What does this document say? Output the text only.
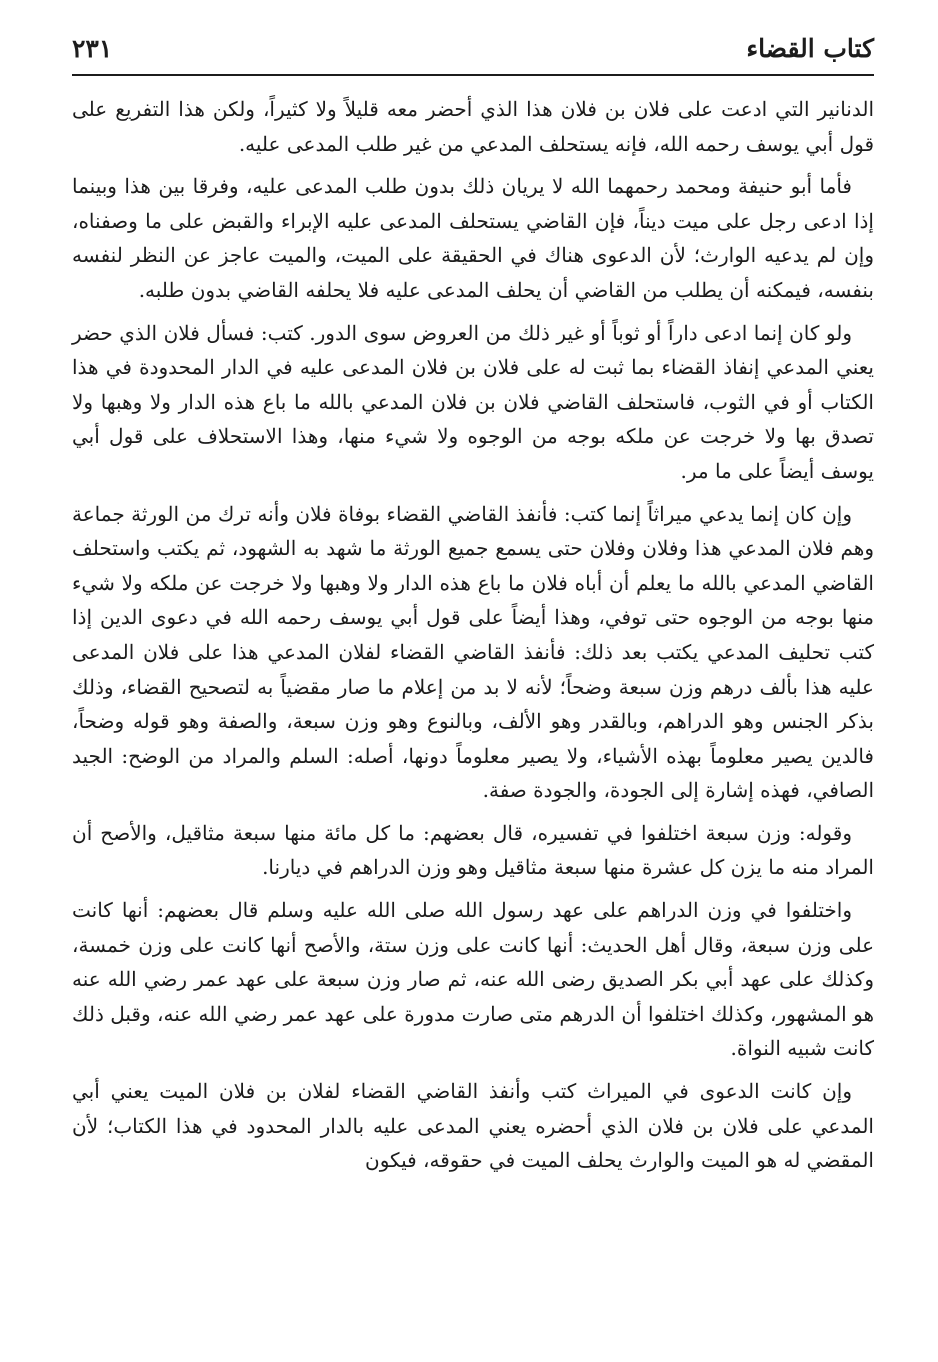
كتاب القضاء
٢٣١

الدنانير التي ادعت على فلان بن فلان هذا الذي أحضر معه قليلاً ولا كثيراً، ولكن هذا التفريع على قول أبي يوسف رحمه الله، فإنه يستحلف المدعي من غير طلب المدعى عليه.

فأما أبو حنيفة ومحمد رحمهما الله لا يريان ذلك بدون طلب المدعى عليه، وفرقا بين هذا وبينما إذا ادعى رجل على ميت ديناً، فإن القاضي يستحلف المدعى عليه الإبراء والقبض على ما وصفناه، وإن لم يدعيه الوارث؛ لأن الدعوى هناك في الحقيقة على الميت، والميت عاجز عن النظر لنفسه بنفسه، فيمكنه أن يطلب من القاضي أن يحلف المدعى عليه فلا يحلفه القاضي بدون طلبه.

ولو كان إنما ادعى داراً أو ثوباً أو غير ذلك من العروض سوى الدور. كتب: فسأل فلان الذي حضر يعني المدعي إنفاذ القضاء بما ثبت له على فلان بن فلان المدعى عليه في الدار المحدودة في هذا الكتاب أو في الثوب، فاستحلف القاضي فلان بن فلان المدعي بالله ما باع هذه الدار ولا وهبها ولا تصدق بها ولا خرجت عن ملكه بوجه من الوجوه ولا شيء منها، وهذا الاستحلاف على قول أبي يوسف أيضاً على ما مر.

وإن كان إنما يدعي ميراثاً إنما كتب: فأنفذ القاضي القضاء بوفاة فلان وأنه ترك من الورثة جماعة وهم فلان المدعي هذا وفلان وفلان حتى يسمع جميع الورثة ما شهد به الشهود، ثم يكتب واستحلف القاضي المدعي بالله ما يعلم أن أباه فلان ما باع هذه الدار ولا وهبها ولا خرجت عن ملكه ولا شيء منها بوجه من الوجوه حتى توفي، وهذا أيضاً على قول أبي يوسف رحمه الله في دعوى الدين إذا كتب تحليف المدعي يكتب بعد ذلك: فأنفذ القاضي القضاء لفلان المدعي هذا على فلان المدعى عليه هذا بألف درهم وزن سبعة وضحاً؛ لأنه لا بد من إعلام ما صار مقضياً به لتصحيح القضاء، وذلك بذكر الجنس وهو الدراهم، وبالقدر وهو الألف، وبالنوع وهو وزن سبعة، والصفة وهو قوله وضحاً، فالدين يصير معلوماً بهذه الأشياء، ولا يصير معلوماً دونها، أصله: السلم والمراد من الوضح: الجيد الصافي، فهذه إشارة إلى الجودة، والجودة صفة.

وقوله: وزن سبعة اختلفوا في تفسيره، قال بعضهم: ما كل مائة منها سبعة مثاقيل، والأصح أن المراد منه ما يزن كل عشرة منها سبعة مثاقيل وهو وزن الدراهم في ديارنا.

واختلفوا في وزن الدراهم على عهد رسول الله صلى الله عليه وسلم قال بعضهم: أنها كانت على وزن سبعة، وقال أهل الحديث: أنها كانت على وزن ستة، والأصح أنها كانت على وزن خمسة، وكذلك على عهد أبي بكر الصديق رضى الله عنه، ثم صار وزن سبعة على عهد عمر رضي الله عنه هو المشهور، وكذلك اختلفوا أن الدرهم متى صارت مدورة على عهد عمر رضي الله عنه، وقبل ذلك كانت شبيه النواة.

وإن كانت الدعوى في الميراث كتب وأنفذ القاضي القضاء لفلان بن فلان الميت يعني أبي المدعي على فلان بن فلان الذي أحضره يعني المدعى عليه بالدار المحدود في هذا الكتاب؛ لأن المقضي له هو الميت والوارث يحلف الميت في حقوقه، فيكون
